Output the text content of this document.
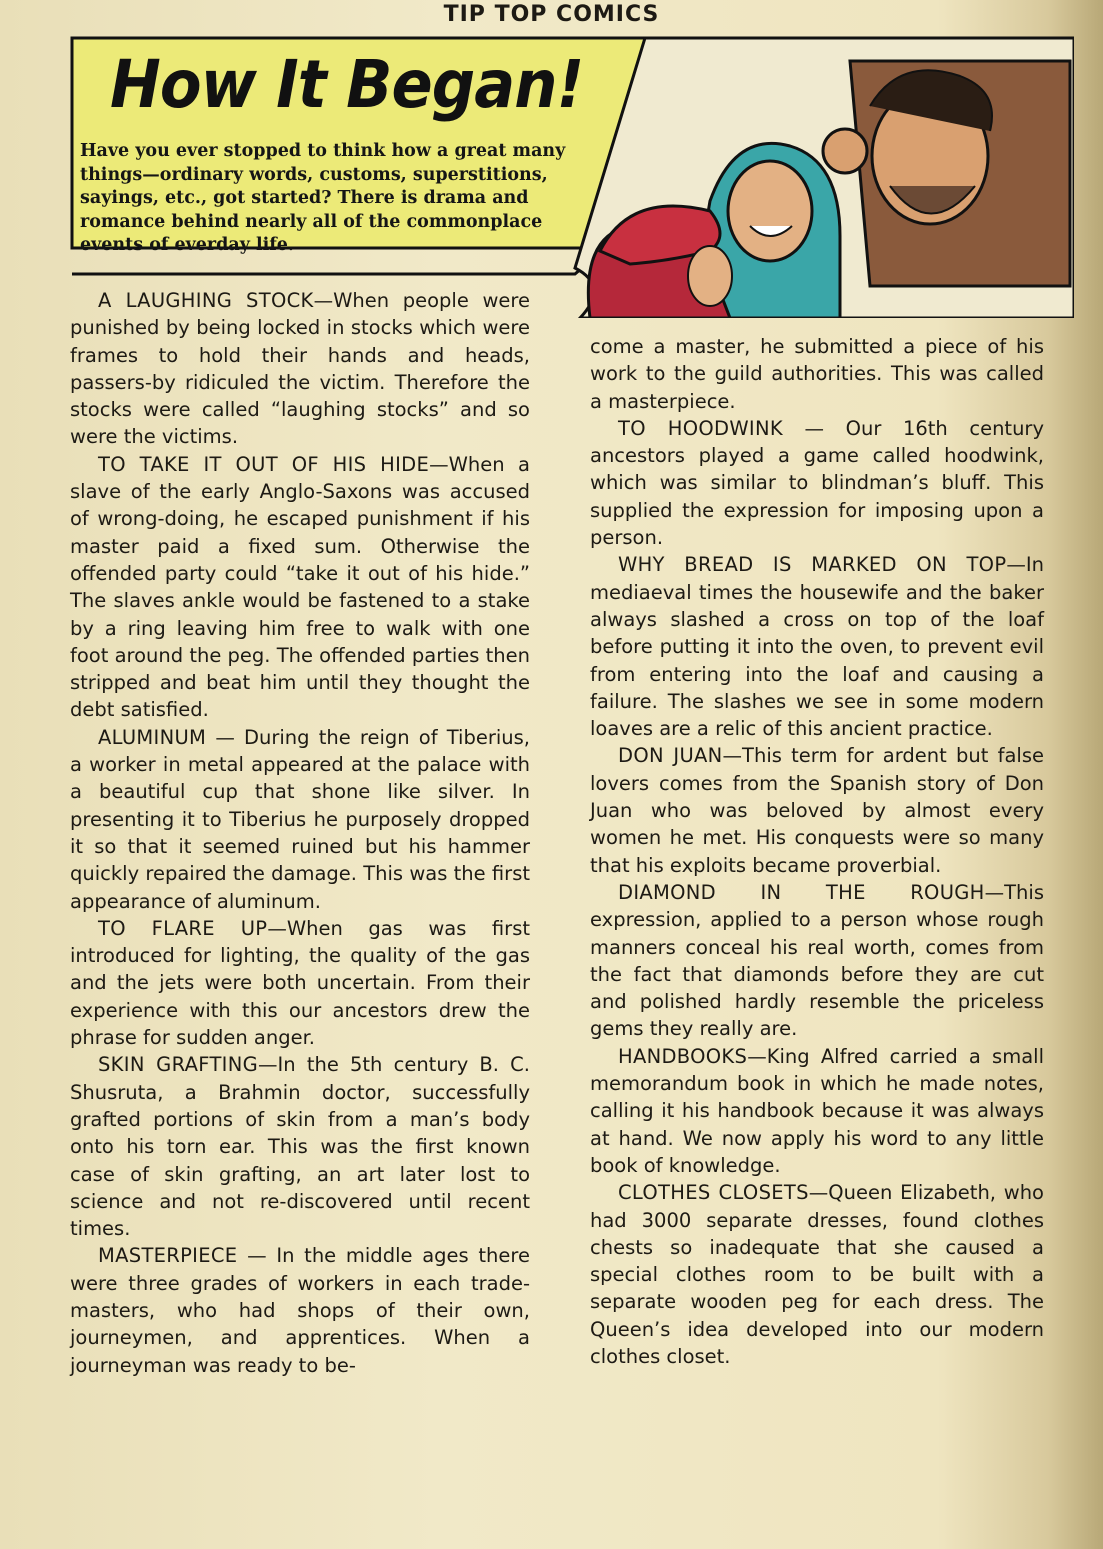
TIP TOP COMICS
How It Began!
Have you ever stopped to think how a great many things—ordinary words, customs, superstitions, sayings, etc., got started? There is drama and romance behind nearly all of the commonplace events of everday life.

A LAUGHING STOCK—When people were punished by being locked in stocks which were frames to hold their hands and heads, passers-by ridiculed the victim. Therefore the stocks were called “laughing stocks” and so were the victims.

TO TAKE IT OUT OF HIS HIDE—When a slave of the early Anglo-Saxons was accused of wrong-doing, he escaped punishment if his master paid a fixed sum. Otherwise the offended party could “take it out of his hide.” The slaves ankle would be fastened to a stake by a ring leaving him free to walk with one foot around the peg. The offended parties then stripped and beat him until they thought the debt satisfied.

ALUMINUM — During the reign of Tiberius, a worker in metal appeared at the palace with a beautiful cup that shone like silver. In presenting it to Tiberius he purposely dropped it so that it seemed ruined but his hammer quickly repaired the damage. This was the first appearance of aluminum.

TO FLARE UP—When gas was first introduced for lighting, the quality of the gas and the jets were both uncertain. From their experience with this our ancestors drew the phrase for sudden anger.

SKIN GRAFTING—In the 5th century B. C. Shusruta, a Brahmin doctor, successfully grafted portions of skin from a man’s body onto his torn ear. This was the first known case of skin grafting, an art later lost to science and not re-discovered until recent times.

MASTERPIECE — In the middle ages there were three grades of workers in each trade-masters, who had shops of their own, journeymen, and apprentices. When a journeyman was ready to be-

come a master, he submitted a piece of his work to the guild authorities. This was called a masterpiece.

TO HOODWINK — Our 16th century ancestors played a game called hoodwink, which was similar to blindman’s bluff. This supplied the expression for imposing upon a person.

WHY BREAD IS MARKED ON TOP—In mediaeval times the housewife and the baker always slashed a cross on top of the loaf before putting it into the oven, to prevent evil from entering into the loaf and causing a failure. The slashes we see in some modern loaves are a relic of this ancient practice.

DON JUAN—This term for ardent but false lovers comes from the Spanish story of Don Juan who was beloved by almost every women he met. His conquests were so many that his exploits became proverbial.

DIAMOND IN THE ROUGH—This expression, applied to a person whose rough manners conceal his real worth, comes from the fact that diamonds before they are cut and polished hardly resemble the priceless gems they really are.

HANDBOOKS—King Alfred carried a small memorandum book in which he made notes, calling it his handbook because it was always at hand. We now apply his word to any little book of knowledge.

CLOTHES CLOSETS—Queen Elizabeth, who had 3000 separate dresses, found clothes chests so inadequate that she caused a special clothes room to be built with a separate wooden peg for each dress. The Queen’s idea developed into our modern clothes closet.
